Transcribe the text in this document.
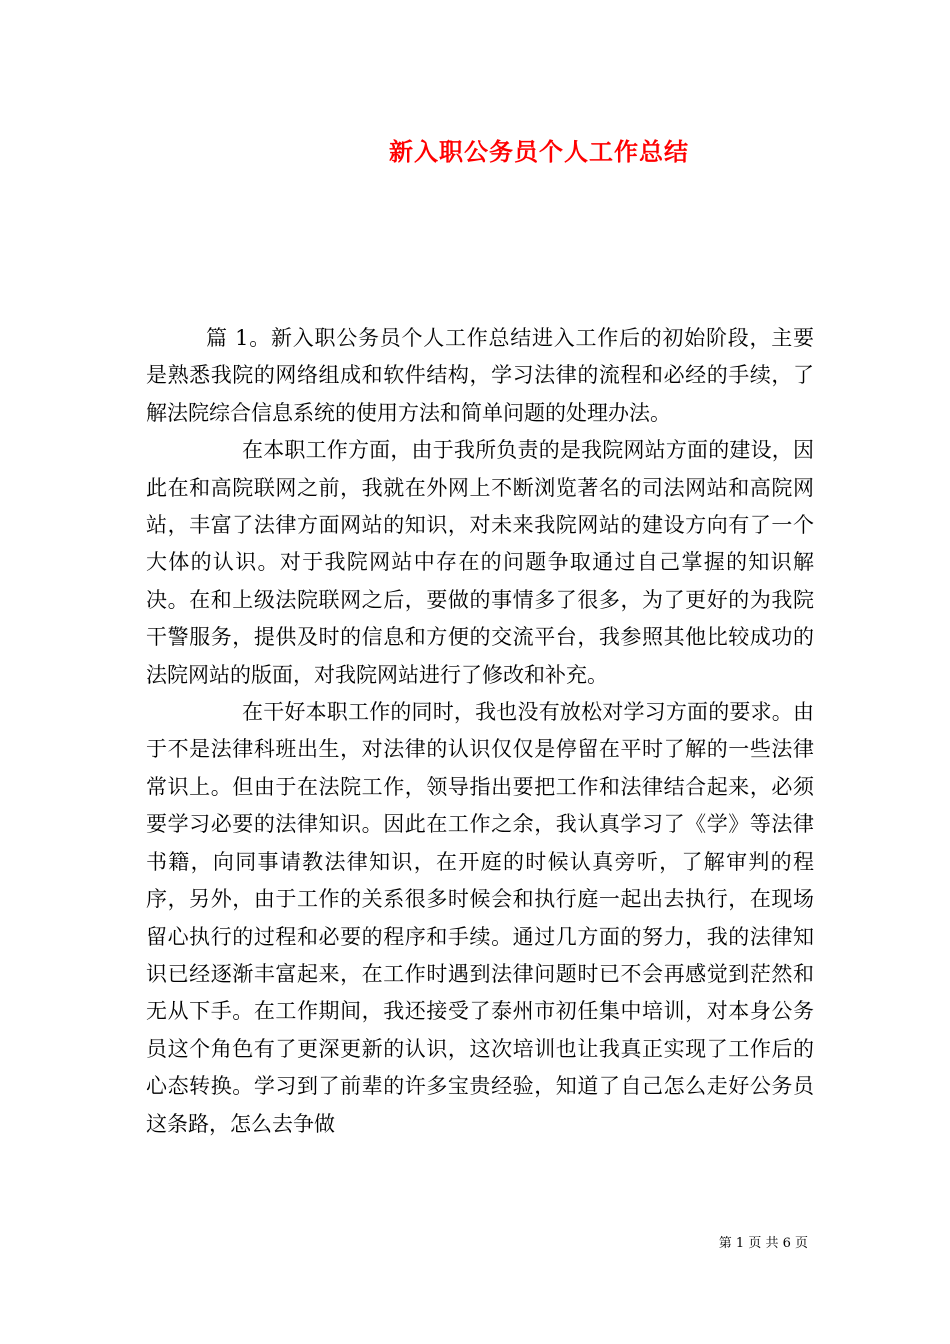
新入职公务员个人工作总结

篇 1。新入职公务员个人工作总结进入工作后的初始阶段，主要是熟悉我院的网络组成和软件结构，学习法律的流程和必经的手续，了解法院综合信息系统的使用方法和简单问题的处理办法。

在本职工作方面，由于我所负责的是我院网站方面的建设，因此在和高院联网之前，我就在外网上不断浏览著名的司法网站和高院网站，丰富了法律方面网站的知识，对未来我院网站的建设方向有了一个大体的认识。对于我院网站中存在的问题争取通过自己掌握的知识解决。在和上级法院联网之后，要做的事情多了很多，为了更好的为我院干警服务，提供及时的信息和方便的交流平台，我参照其他比较成功的法院网站的版面，对我院网站进行了修改和补充。

在干好本职工作的同时，我也没有放松对学习方面的要求。由于不是法律科班出生，对法律的认识仅仅是停留在平时了解的一些法律常识上。但由于在法院工作，领导指出要把工作和法律结合起来，必须要学习必要的法律知识。因此在工作之余，我认真学习了《学》等法律书籍，向同事请教法律知识，在开庭的时候认真旁听，了解审判的程序，另外，由于工作的关系很多时候会和执行庭一起出去执行，在现场留心执行的过程和必要的程序和手续。通过几方面的努力，我的法律知识已经逐渐丰富起来，在工作时遇到法律问题时已不会再感觉到茫然和无从下手。在工作期间，我还接受了泰州市初任集中培训，对本身公务员这个角色有了更深更新的认识，这次培训也让我真正实现了工作后的心态转换。学习到了前辈的许多宝贵经验，知道了自己怎么走好公务员这条路，怎么去争做

第 1 页 共 6 页
